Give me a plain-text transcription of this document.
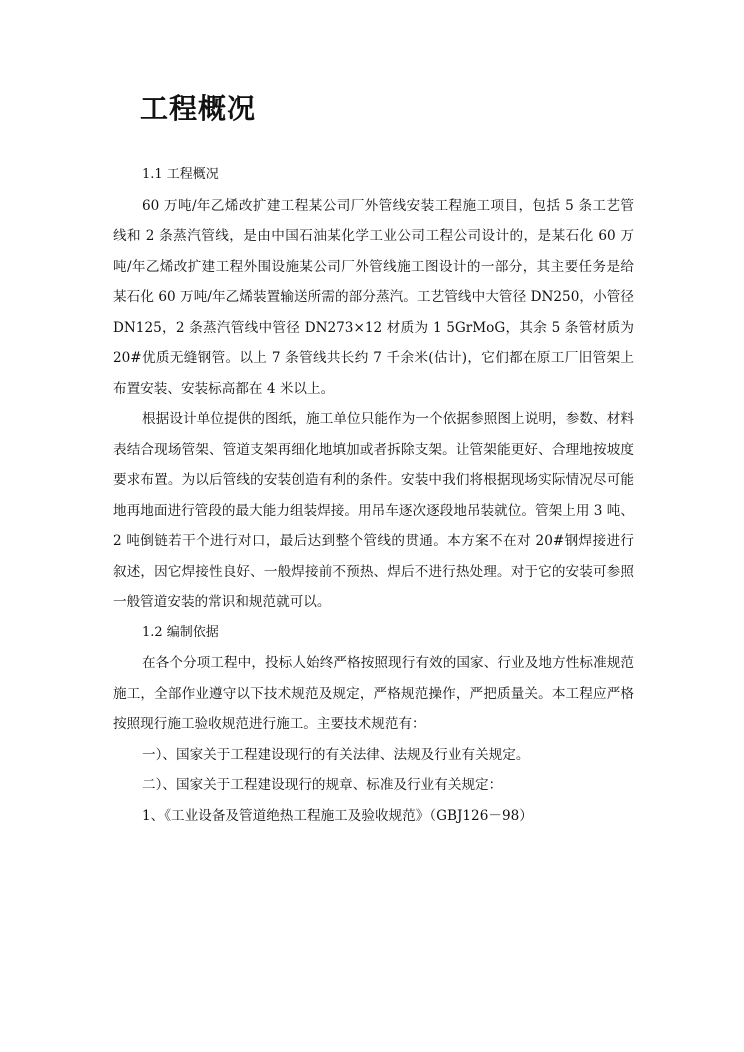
工程概况

1.1 工程概况

60 万吨/年乙烯改扩建工程某公司厂外管线安装工程施工项目，包括 5 条工艺管线和 2 条蒸汽管线，是由中国石油某化学工业公司工程公司设计的，是某石化 60 万吨/年乙烯改扩建工程外围设施某公司厂外管线施工图设计的一部分，其主要任务是给某石化 60 万吨/年乙烯装置输送所需的部分蒸汽。工艺管线中大管径 DN250，小管径 DN125，2 条蒸汽管线中管径 DN273×12 材质为 1 5GrMoG，其余 5 条管材质为 20#优质无缝钢管。以上 7 条管线共长约 7 千余米(估计)，它们都在原工厂旧管架上布置安装、安装标高都在 4 米以上。

根据设计单位提供的图纸，施工单位只能作为一个依据参照图上说明，参数、材料表结合现场管架、管道支架再细化地填加或者拆除支架。让管架能更好、合理地按坡度要求布置。为以后管线的安装创造有利的条件。安装中我们将根据现场实际情况尽可能地再地面进行管段的最大能力组装焊接。用吊车逐次逐段地吊装就位。管架上用 3 吨、2 吨倒链若干个进行对口，最后达到整个管线的贯通。本方案不在对 20#钢焊接进行叙述，因它焊接性良好、一般焊接前不预热、焊后不进行热处理。对于它的安装可参照一般管道安装的常识和规范就可以。

1.2 编制依据

在各个分项工程中，投标人始终严格按照现行有效的国家、行业及地方性标准规范施工，全部作业遵守以下技术规范及规定，严格规范操作，严把质量关。本工程应严格按照现行施工验收规范进行施工。主要技术规范有：

一）、国家关于工程建设现行的有关法律、法规及行业有关规定。

二）、国家关于工程建设现行的规章、标准及行业有关规定：

1、《工业设备及管道绝热工程施工及验收规范》（GBJ126－98）
